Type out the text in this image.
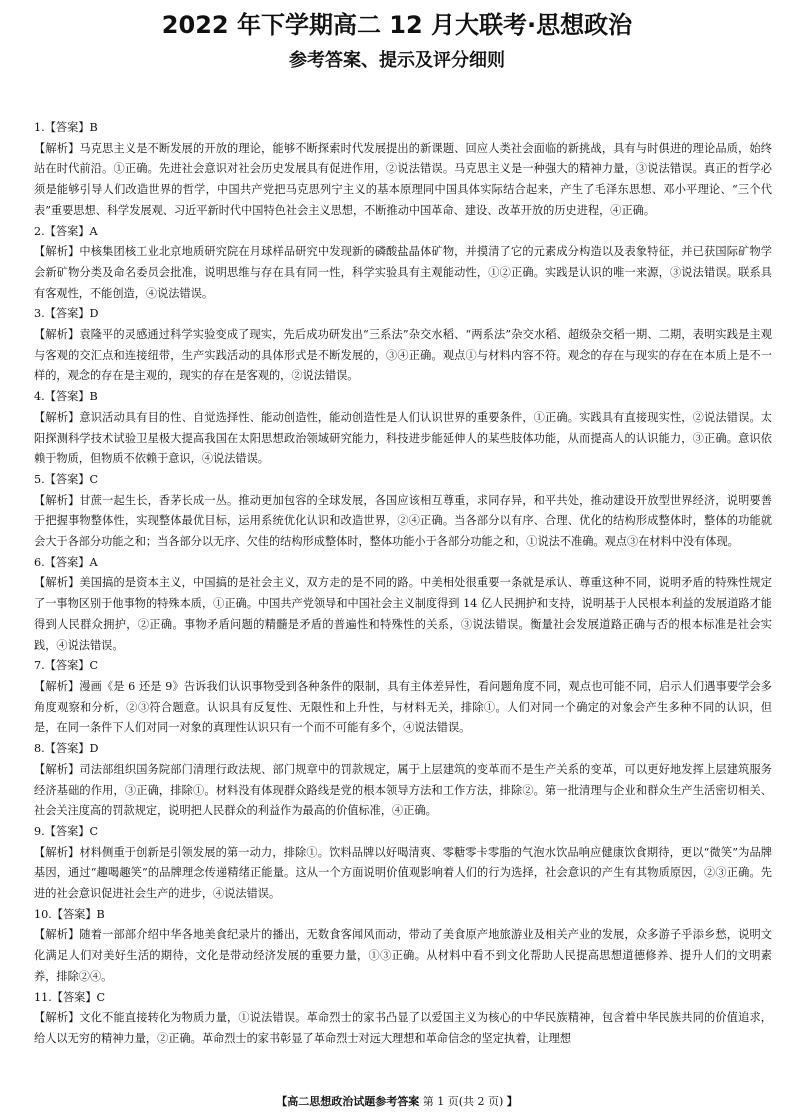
2022 年下学期高二 12 月大联考·思想政治
参考答案、提示及评分细则
1.【答案】B
【解析】马克思主义是不断发展的开放的理论，能够不断探索时代发展提出的新课题、回应人类社会面临的新挑战，具有与时俱进的理论品质，始终站在时代前沿。①正确。先进社会意识对社会历史发展具有促进作用，②说法错误。马克思主义是一种强大的精神力量，③说法错误。真正的哲学必须是能够引导人们改造世界的哲学，中国共产党把马克思列宁主义的基本原理同中国具体实际结合起来，产生了毛泽东思想、邓小平理论、“三个代表”重要思想、科学发展观、习近平新时代中国特色社会主义思想，不断推动中国革命、建设、改革开放的历史进程，④正确。
2.【答案】A
【解析】中核集团核工业北京地质研究院在月球样品研究中发现新的磷酸盐晶体矿物，并摸清了它的元素成分构造以及表象特征，并已获国际矿物学会新矿物分类及命名委员会批准，说明思维与存在具有同一性，科学实验具有主观能动性，①②正确。实践是认识的唯一来源，③说法错误。联系具有客观性，不能创造，④说法错误。
3.【答案】D
【解析】袁隆平的灵感通过科学实验变成了现实，先后成功研发出“三系法”杂交水稻、“两系法”杂交水稻、超级杂交稻一期、二期，表明实践是主观与客观的交汇点和连接纽带，生产实践活动的具体形式是不断发展的，③④正确。观点①与材料内容不符。观念的存在与现实的存在在本质上是不一样的，观念的存在是主观的，现实的存在是客观的，②说法错误。
4.【答案】B
【解析】意识活动具有目的性、自觉选择性、能动创造性，能动创造性是人们认识世界的重要条件，①正确。实践具有直接现实性，②说法错误。太阳探测科学技术试验卫星极大提高我国在太阳思想政治领域研究能力，科技进步能延伸人的某些肢体功能，从而提高人的认识能力，③正确。意识依赖于物质，但物质不依赖于意识，④说法错误。
5.【答案】C
【解析】甘蔗一起生长，香茅长成一丛。推动更加包容的全球发展，各国应该相互尊重，求同存异，和平共处，推动建设开放型世界经济，说明要善于把握事物整体性，实现整体最优目标，运用系统优化认识和改造世界，②④正确。当各部分以有序、合理、优化的结构形成整体时，整体的功能就会大于各部分功能之和；当各部分以无序、欠佳的结构形成整体时，整体功能小于各部分功能之和，①说法不准确。观点③在材料中没有体现。
6.【答案】A
【解析】美国搞的是资本主义，中国搞的是社会主义，双方走的是不同的路。中美相处很重要一条就是承认、尊重这种不同，说明矛盾的特殊性规定了一事物区别于他事物的特殊本质，①正确。中国共产党领导和中国社会主义制度得到 14 亿人民拥护和支持，说明基于人民根本利益的发展道路才能得到人民群众拥护，②正确。事物矛盾问题的精髓是矛盾的普遍性和特殊性的关系，③说法错误。衡量社会发展道路正确与否的根本标准是社会实践，④说法错误。
7.【答案】C
【解析】漫画《是 6 还是 9》告诉我们认识事物受到各种条件的限制，具有主体差异性，看问题角度不同，观点也可能不同，启示人们遇事要学会多角度观察和分析，②③符合题意。认识具有反复性、无限性和上升性，与材料无关，排除①。人们对同一个确定的对象会产生多种不同的认识，但是，在同一条件下人们对同一对象的真理性认识只有一个而不可能有多个，④说法错误。
8.【答案】D
【解析】司法部组织国务院部门清理行政法规、部门规章中的罚款规定，属于上层建筑的变革而不是生产关系的变革，可以更好地发挥上层建筑服务经济基础的作用，③正确，排除①。材料没有体现群众路线是党的根本领导方法和工作方法，排除②。第一批清理与企业和群众生产生活密切相关、社会关注度高的罚款规定，说明把人民群众的利益作为最高的价值标准，④正确。
9.【答案】C
【解析】材料侧重于创新是引领发展的第一动力，排除①。饮料品牌以好喝清爽、零糖零卡零脂的气泡水饮品响应健康饮食期待，更以“微笑”为品牌基因，通过“趣喝趣笑”的品牌理念传递精绪正能量。这从一个方面说明价值观影响着人们的行为选择，社会意识的产生有其物质原因，②③正确。先进的社会意识促进社会生产的进步，④说法错误。
10.【答案】B
【解析】随着一部部介绍中华各地美食纪录片的播出，无数食客闻风而动，带动了美食原产地旅游业及相关产业的发展，众多游子乎添乡愁，说明文化满足人们对美好生活的期待，文化是带动经济发展的重要力量，①③正确。从材料中看不到文化帮助人民提高思想道德修养、提升人们的文明素养，排除②④。
11.【答案】C
【解析】文化不能直接转化为物质力量，①说法错误。革命烈士的家书凸显了以爱国主义为核心的中华民族精神，包含着中华民族共同的价值追求，给人以无穷的精神力量，②正确。革命烈士的家书彰显了革命烈士对远大理想和革命信念的坚定执着，让理想
【高二思想政治试题参考答案 第 1 页(共 2 页) 】
